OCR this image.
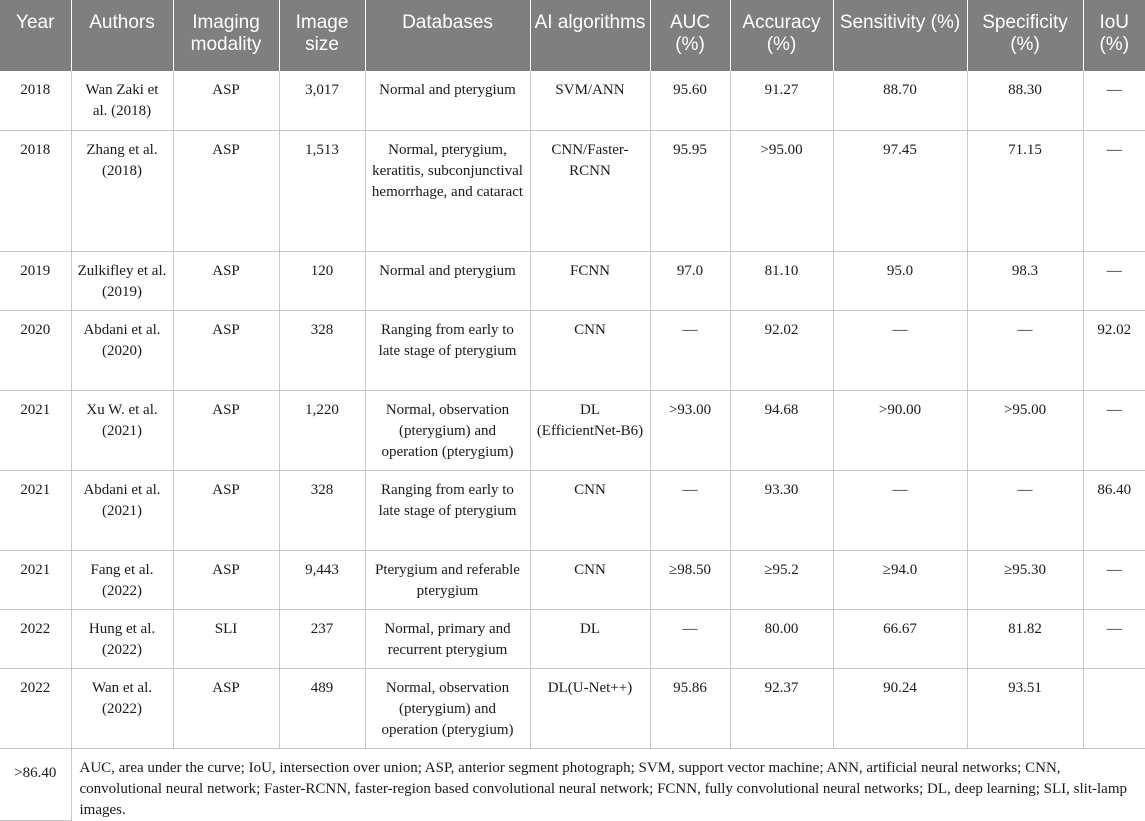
Year	Authors	Imaging modality	Image size	Databases	AI algorithms	AUC (%)	Accuracy (%)	Sensitivity (%)	Specificity (%)	IoU (%)
2018	Wan Zaki et al. (2018)	ASP	3,017	Normal and pterygium	SVM/ANN	95.60	91.27	88.70	88.30	—
2018	Zhang et al. (2018)	ASP	1,513	Normal, pterygium, keratitis, subconjunctival hemorrhage, and cataract	CNN/Faster-RCNN	95.95	>95.00	97.45	71.15	—
2019	Zulkifley et al. (2019)	ASP	120	Normal and pterygium	FCNN	97.0	81.10	95.0	98.3	—
2020	Abdani et al. (2020)	ASP	328	Ranging from early to late stage of pterygium	CNN	—	92.02	—	—	92.02
2021	Xu W. et al. (2021)	ASP	1,220	Normal, observation (pterygium) and operation (pterygium)	DL (EfficientNet-B6)	>93.00	94.68	>90.00	>95.00	—
2021	Abdani et al. (2021)	ASP	328	Ranging from early to late stage of pterygium	CNN	—	93.30	—	—	86.40
2021	Fang et al. (2022)	ASP	9,443	Pterygium and referable pterygium	CNN	≥98.50	≥95.2	≥94.0	≥95.30	—
2022	Hung et al. (2022)	SLI	237	Normal, primary and recurrent pterygium	DL	—	80.00	66.67	81.82	—
2022	Wan et al. (2022)	ASP	489	Normal, observation (pterygium) and operation (pterygium)	DL(U-Net++)	95.86	92.37	90.24	93.51	
>86.40	AUC, area under the curve; IoU, intersection over union; ASP, anterior segment photograph; SVM, support vector machine; ANN, artificial neural networks; CNN, convolutional neural network; Faster-RCNN, faster-region based convolutional neural network; FCNN, fully convolutional neural networks; DL, deep learning; SLI, slit-lamp images.									
